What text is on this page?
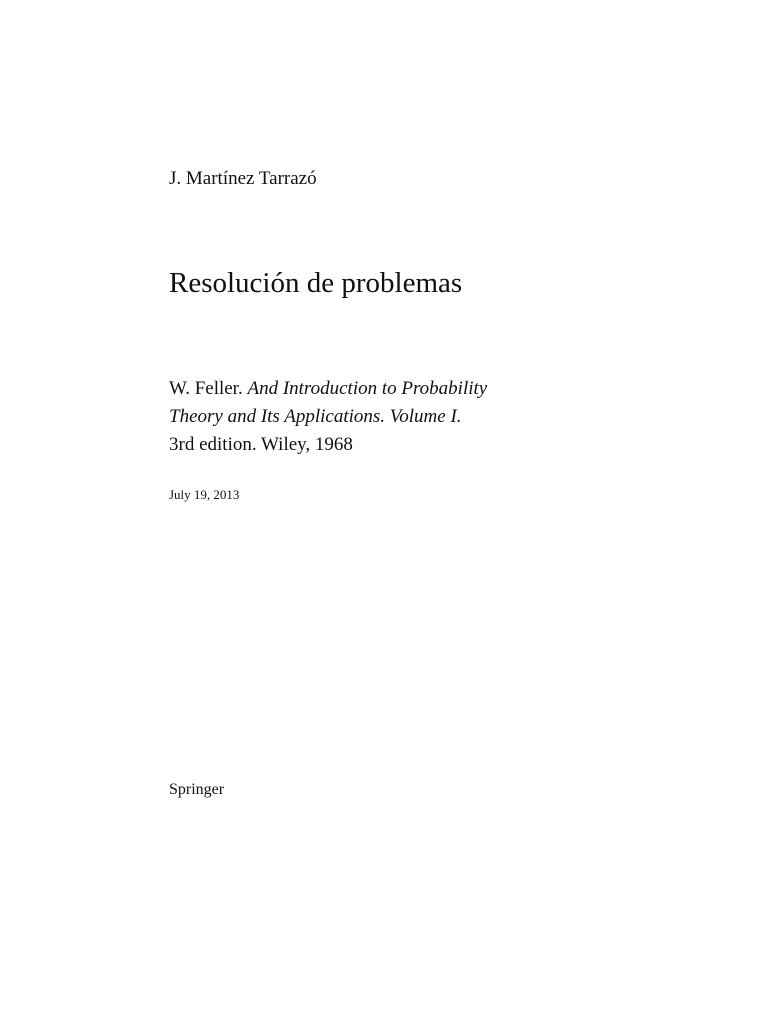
J. Martínez Tarrazó
Resolución de problemas
W. Feller. And Introduction to Probability
Theory and Its Applications. Volume I.
3rd edition. Wiley, 1968
July 19, 2013
Springer
